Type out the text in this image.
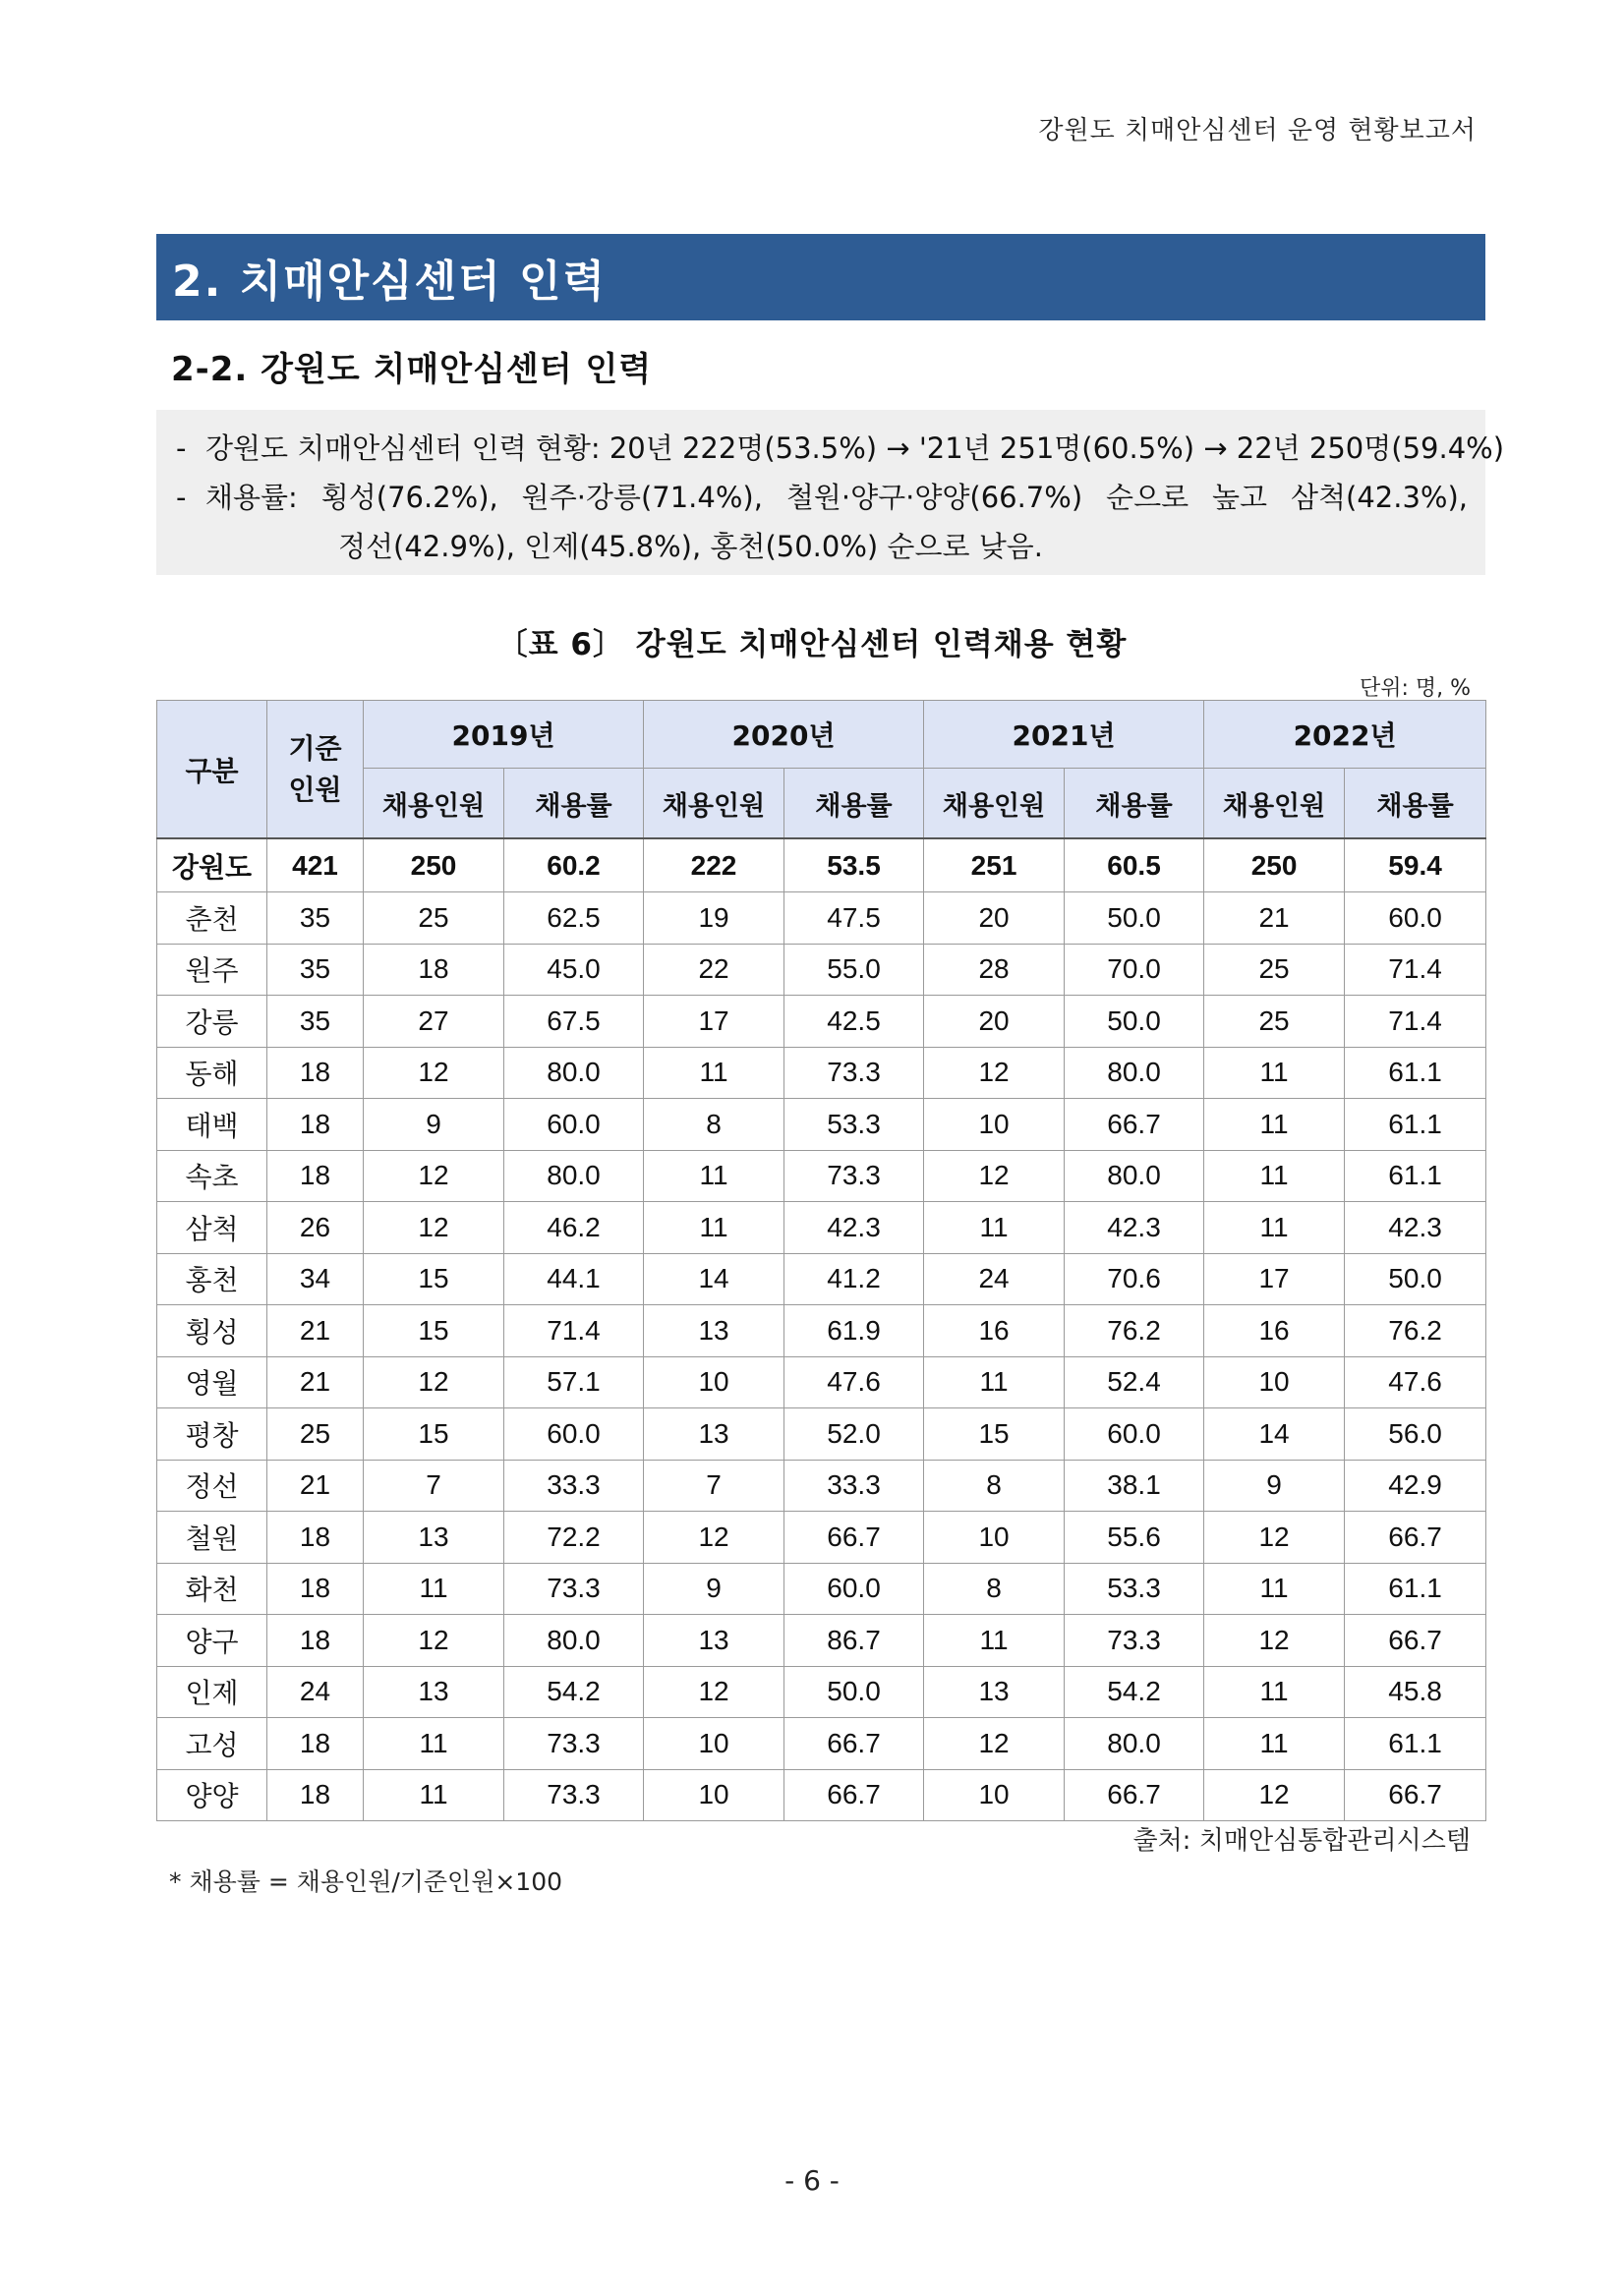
강원도 치매안심센터 운영 현황보고서
2. 치매안심센터 인력
2-2. 강원도 치매안심센터 인력
- 강원도 치매안심센터 인력 현황: 20년 222명(53.5%) → '21년 251명(60.5%) → 22년 250명(59.4%)
- 채용률: 횡성(76.2%), 원주·강릉(71.4%), 철원·양구·양양(66.7%) 순으로 높고 삼척(42.3%),
정선(42.9%), 인제(45.8%), 홍천(50.0%) 순으로 낮음.
〔표 6〕 강원도 치매안심센터 인력채용 현황
단위: 명, %
구분	기준 인원	2019년		2020년		2021년		2022년	
		채용인원	채용률	채용인원	채용률	채용인원	채용률	채용인원	채용률
강원도	421	250	60.2	222	53.5	251	60.5	250	59.4
춘천	35	25	62.5	19	47.5	20	50.0	21	60.0
원주	35	18	45.0	22	55.0	28	70.0	25	71.4
강릉	35	27	67.5	17	42.5	20	50.0	25	71.4
동해	18	12	80.0	11	73.3	12	80.0	11	61.1
태백	18	9	60.0	8	53.3	10	66.7	11	61.1
속초	18	12	80.0	11	73.3	12	80.0	11	61.1
삼척	26	12	46.2	11	42.3	11	42.3	11	42.3
홍천	34	15	44.1	14	41.2	24	70.6	17	50.0
횡성	21	15	71.4	13	61.9	16	76.2	16	76.2
영월	21	12	57.1	10	47.6	11	52.4	10	47.6
평창	25	15	60.0	13	52.0	15	60.0	14	56.0
정선	21	7	33.3	7	33.3	8	38.1	9	42.9
철원	18	13	72.2	12	66.7	10	55.6	12	66.7
화천	18	11	73.3	9	60.0	8	53.3	11	61.1
양구	18	12	80.0	13	86.7	11	73.3	12	66.7
인제	24	13	54.2	12	50.0	13	54.2	11	45.8
고성	18	11	73.3	10	66.7	12	80.0	11	61.1
양양	18	11	73.3	10	66.7	10	66.7	12	66.7
출처: 치매안심통합관리시스템
* 채용률 = 채용인원/기준인원×100
- 6 -
